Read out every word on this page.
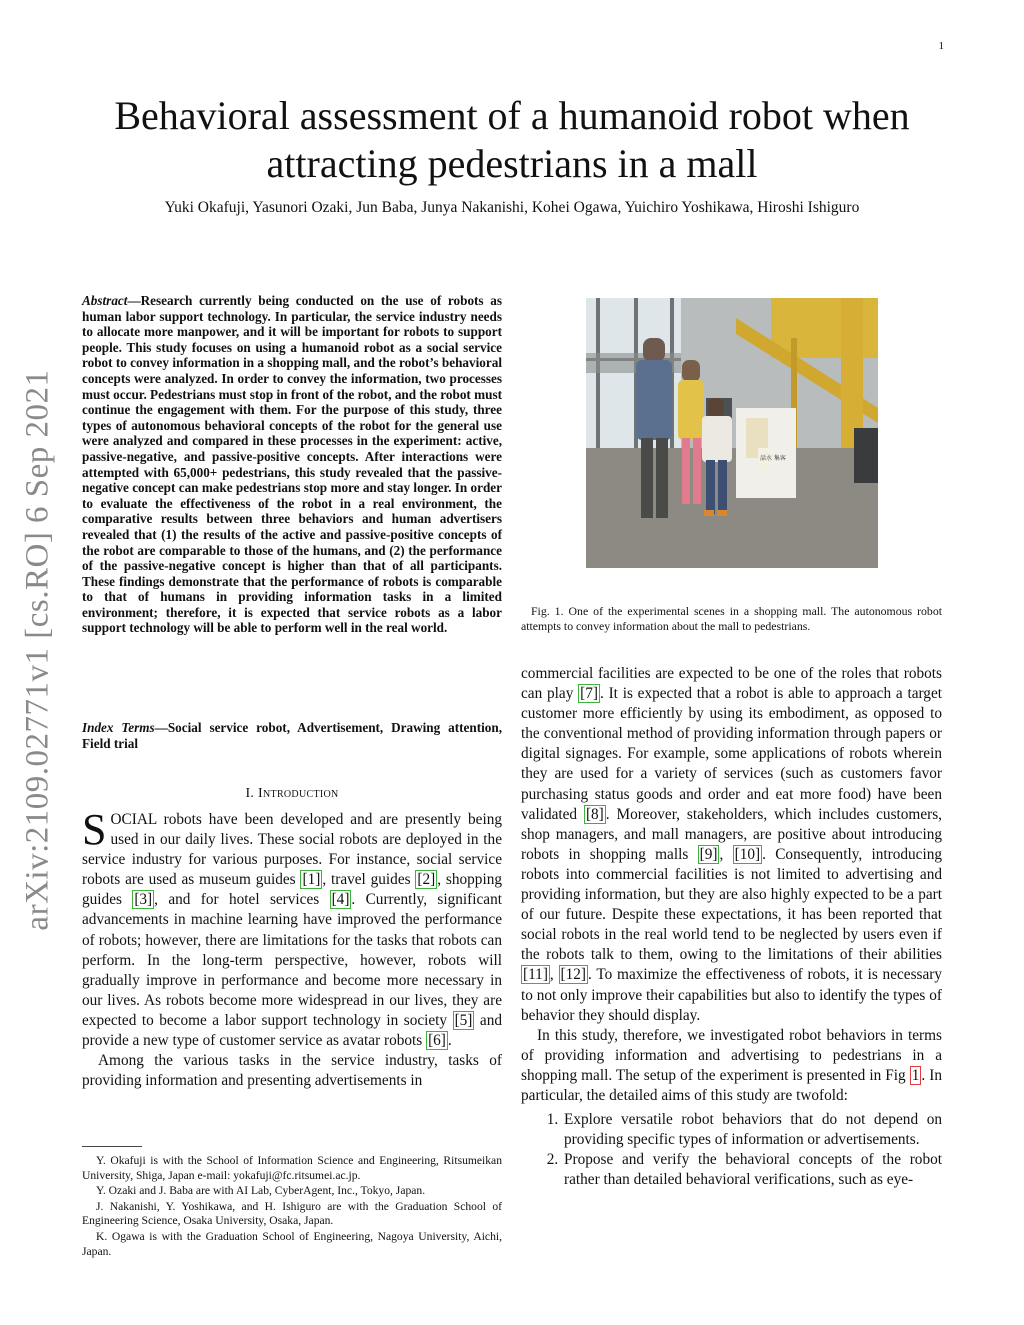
1
Behavioral assessment of a humanoid robot when
attracting pedestrians in a mall
Yuki Okafuji, Yasunori Ozaki, Jun Baba, Junya Nakanishi, Kohei Ogawa, Yuichiro Yoshikawa, Hiroshi Ishiguro
arXiv:2109.02771v1 [cs.RO] 6 Sep 2021

Abstract—Research currently being conducted on the use of robots as human labor support technology. In particular, the service industry needs to allocate more manpower, and it will be important for robots to support people. This study focuses on using a humanoid robot as a social service robot to convey information in a shopping mall, and the robot’s behavioral concepts were analyzed. In order to convey the information, two processes must occur. Pedestrians must stop in front of the robot, and the robot must continue the engagement with them. For the purpose of this study, three types of autonomous behavioral concepts of the robot for the general use were analyzed and compared in these processes in the experiment: active, passive-negative, and passive-positive concepts. After interactions were attempted with 65,000+ pedestrians, this study revealed that the passive-negative concept can make pedestrians stop more and stay longer. In order to evaluate the effectiveness of the robot in a real environment, the comparative results between three behaviors and human advertisers revealed that (1) the results of the active and passive-positive concepts of the robot are comparable to those of the humans, and (2) the performance of the passive-negative concept is higher than that of all participants. These findings demonstrate that the performance of robots is comparable to that of humans in providing information tasks in a limited environment; therefore, it is expected that service robots as a labor support technology will be able to perform well in the real world.

Index Terms—Social service robot, Advertisement, Drawing attention, Field trial

I. Introduction

SOCIAL robots have been developed and are presently being used in our daily lives. These social robots are deployed in the service industry for various purposes. For instance, social service robots are used as museum guides [1] , travel guides [2] , shopping guides [3] , and for hotel services [4] . Currently, significant advancements in machine learning have improved the performance of robots; however, there are limitations for the tasks that robots can perform. In the long-term perspective, however, robots will gradually improve in performance and become more necessary in our lives. As robots become more widespread in our lives, they are expected to become a labor support technology in society [5] and provide a new type of customer service as avatar robots [6] .

Among the various tasks in the service industry, tasks of providing information and presenting advertisements in

Y. Okafuji is with the School of Information Science and Engineering, Ritsumeikan University, Shiga, Japan e-mail: yokafuji@fc.ritsumei.ac.jp.

Y. Ozaki and J. Baba are with AI Lab, CyberAgent, Inc., Tokyo, Japan.

J. Nakanishi, Y. Yoshikawa, and H. Ishiguro are with the Graduation School of Engineering Science, Osaka University, Osaka, Japan.

K. Ogawa is with the Graduation School of Engineering, Nagoya University, Aichi, Japan.

話水 集客

Fig. 1. One of the experimental scenes in a shopping mall. The autonomous robot attempts to convey information about the mall to pedestrians.

commercial facilities are expected to be one of the roles that robots can play [7] . It is expected that a robot is able to approach a target customer more efficiently by using its embodiment, as opposed to the conventional method of providing information through papers or digital signages. For example, some applications of robots wherein they are used for a variety of services (such as customers favor purchasing status goods and order and eat more food) have been validated [8] . Moreover, stakeholders, which includes customers, shop managers, and mall managers, are positive about introducing robots in shopping malls [9] , [10] . Consequently, introducing robots into commercial facilities is not limited to advertising and providing information, but they are also highly expected to be a part of our future. Despite these expectations, it has been reported that social robots in the real world tend to be neglected by users even if the robots talk to them, owing to the limitations of their abilities [11] , [12] . To maximize the effectiveness of robots, it is necessary to not only improve their capabilities but also to identify the types of behavior they should display.

In this study, therefore, we investigated robot behaviors in terms of providing information and advertising to pedestrians in a shopping mall. The setup of the experiment is presented in Fig 1 . In particular, the detailed aims of this study are twofold:

1. Explore versatile robot behaviors that do not depend on providing specific types of information or advertisements.
2. Propose and verify the behavioral concepts of the robot rather than detailed behavioral verifications, such as eye-
